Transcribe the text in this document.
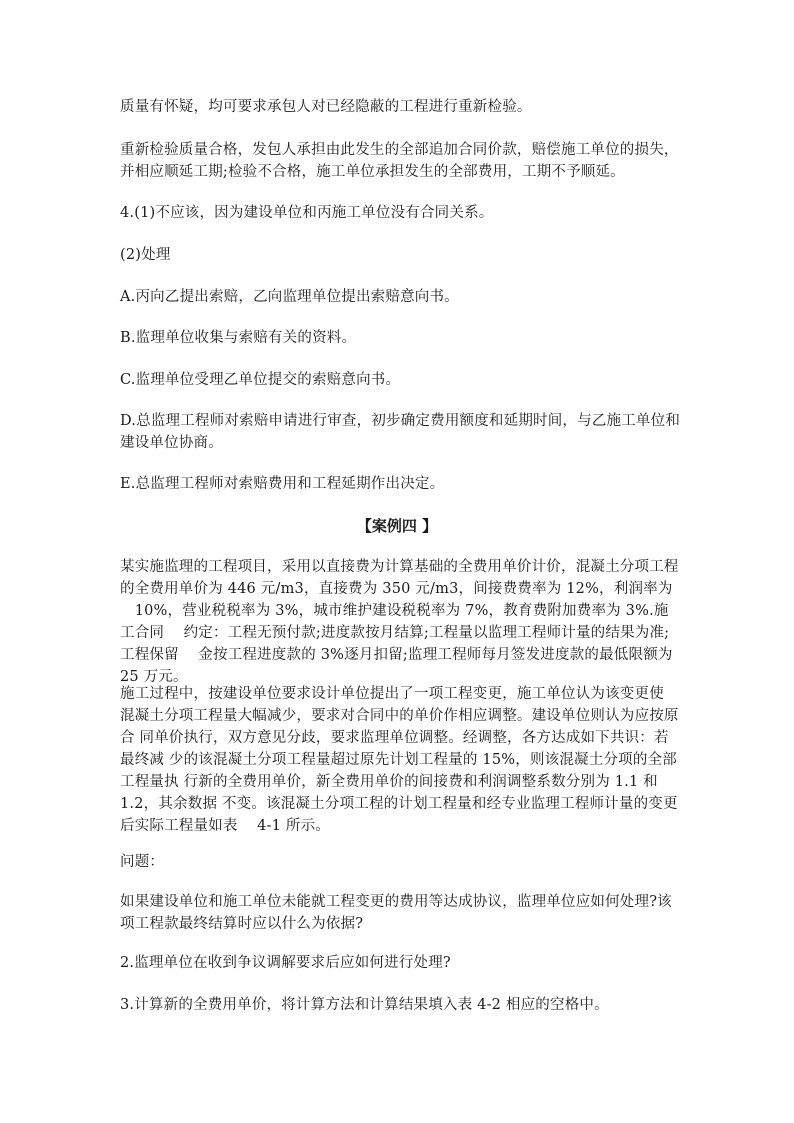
质量有怀疑，均可要求承包人对已经隐蔽的工程进行重新检验。

重新检验质量合格，发包人承担由此发生的全部追加合同价款，赔偿施工单位的损失，并相应顺延工期;检验不合格，施工单位承担发生的全部费用，工期不予顺延。

4.(1)不应该，因为建设单位和丙施工单位没有合同关系。

(2)处理

A.丙向乙提出索赔，乙向监理单位提出索赔意向书。

B.监理单位收集与索赔有关的资料。

C.监理单位受理乙单位提交的索赔意向书。

D.总监理工程师对索赔申请进行审查，初步确定费用额度和延期时间，与乙施工单位和建设单位协商。

E.总监理工程师对索赔费用和工程延期作出决定。

【案例四 】

某实施监理的工程项目，采用以直接费为计算基础的全费用单价计价，混凝土分项工程的全费用单价为 446 元/m3，直接费为 350 元/m3，间接费费率为 12%，利润率为 　10%，营业税税率为 3%，城市维护建设税税率为 7%，教育费附加费率为 3%.施工合同 　约定：工程无预付款;进度款按月结算;工程量以监理工程师计量的结果为准;工程保留 　金按工程进度款的 3%逐月扣留;监理工程师每月签发进度款的最低限额为 25 万元。

施工过程中，按建设单位要求设计单位提出了一项工程变更，施工单位认为该变更使 混凝土分项工程量大幅减少，要求对合同中的单价作相应调整。建设单位则认为应按原合 同单价执行，双方意见分歧，要求监理单位调整。经调整，各方达成如下共识：若最终减 少的该混凝土分项工程量超过原先计划工程量的 15%，则该混凝土分项的全部工程量执 行新的全费用单价，新全费用单价的间接费和利润调整系数分别为 1.1 和 1.2，其余数据 不变。该混凝土分项工程的计划工程量和经专业监理工程师计量的变更后实际工程量如表 　4-1 所示。

问题：

如果建设单位和施工单位未能就工程变更的费用等达成协议，监理单位应如何处理?该项工程款最终结算时应以什么为依据?

2.监理单位在收到争议调解要求后应如何进行处理?

3.计算新的全费用单价，将计算方法和计算结果填入表 4-2 相应的空格中。
